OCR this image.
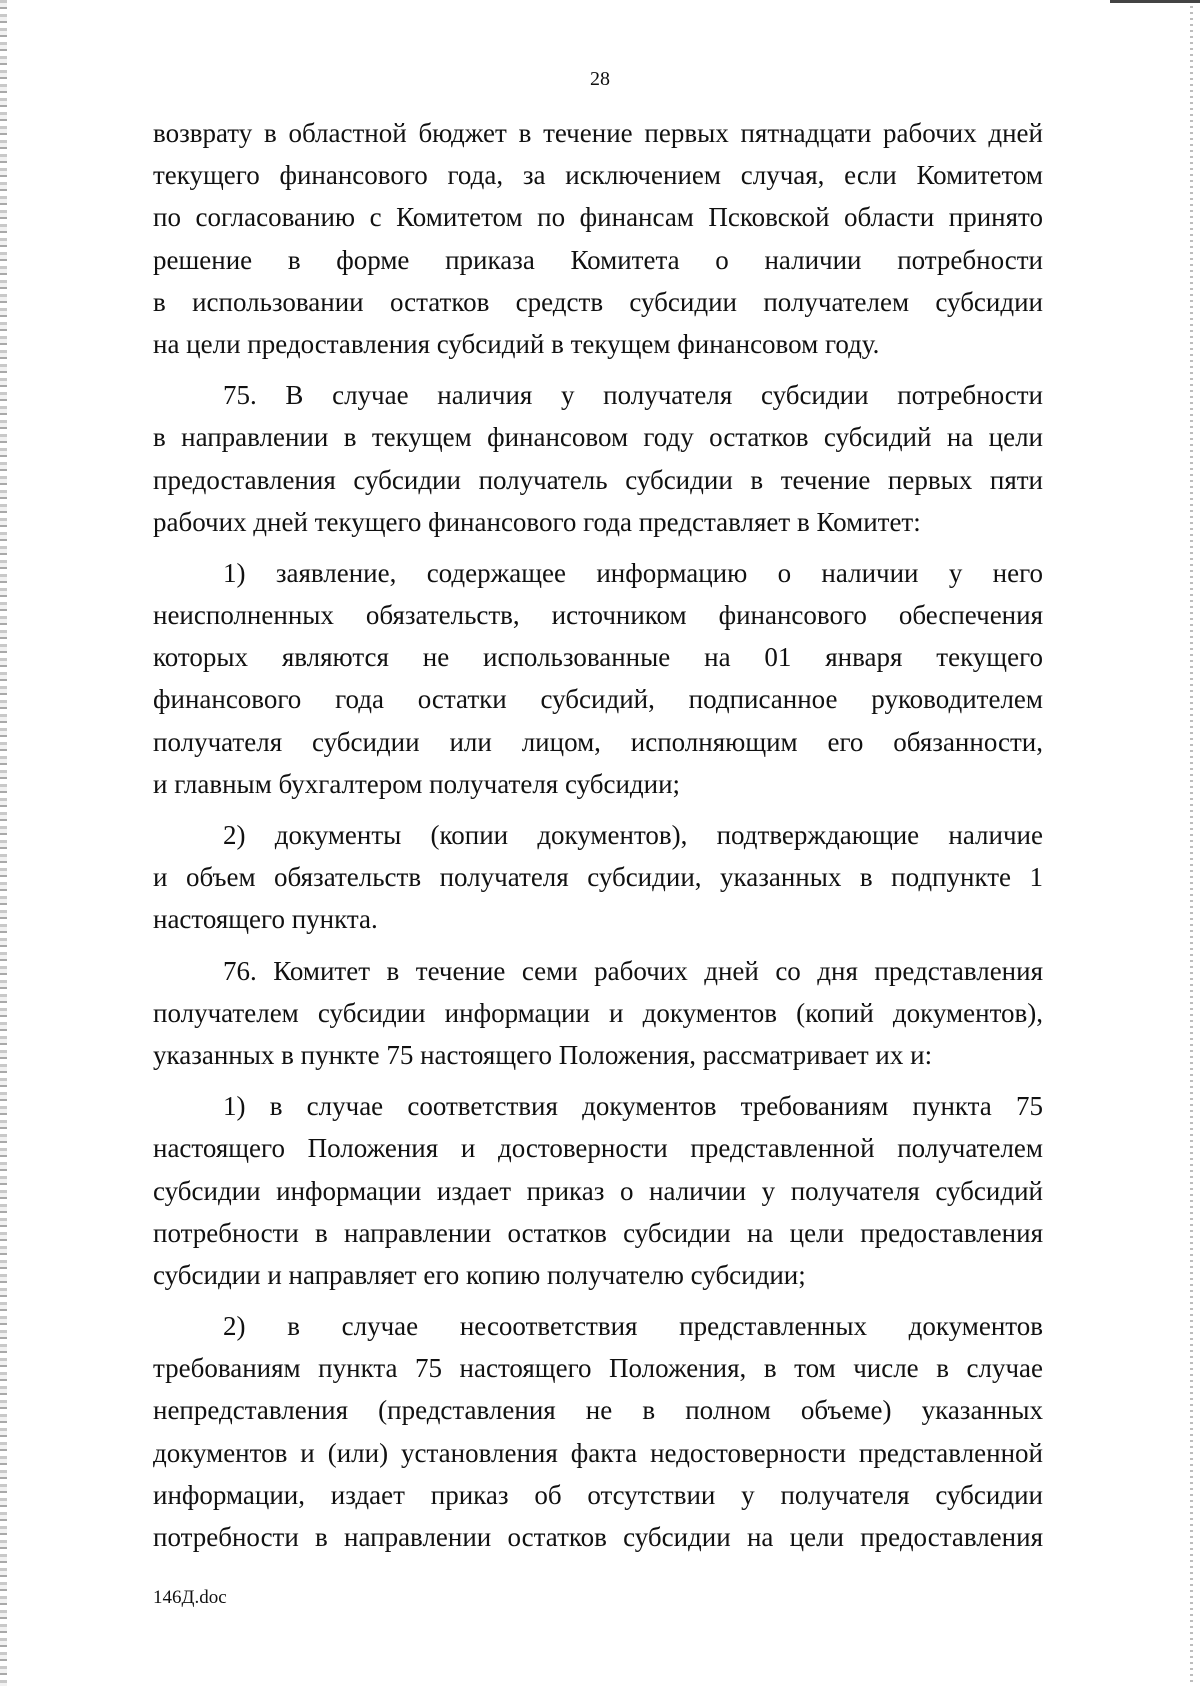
28
возврату в областной бюджет в течение первых пятнадцати рабочих дней
текущего финансового года, за исключением случая, если Комитетом
по согласованию с Комитетом по финансам Псковской области принято
решение в форме приказа Комитета о наличии потребности
в использовании остатков средств субсидии получателем субсидии
на цели предоставления субсидий в текущем финансовом году.
75. В случае наличия у получателя субсидии потребности
в направлении в текущем финансовом году остатков субсидий на цели
предоставления субсидии получатель субсидии в течение первых пяти
рабочих дней текущего финансового года представляет в Комитет:
1) заявление, содержащее информацию о наличии у него
неисполненных обязательств, источником финансового обеспечения
которых являются не использованные на 01 января текущего
финансового года остатки субсидий, подписанное руководителем
получателя субсидии или лицом, исполняющим его обязанности,
и главным бухгалтером получателя субсидии;
2) документы (копии документов), подтверждающие наличие
и объем обязательств получателя субсидии, указанных в подпункте 1
настоящего пункта.
76. Комитет в течение семи рабочих дней со дня представления
получателем субсидии информации и документов (копий документов),
указанных в пункте 75 настоящего Положения, рассматривает их и:
1) в случае соответствия документов требованиям пункта 75
настоящего Положения и достоверности представленной получателем
субсидии информации издает приказ о наличии у получателя субсидий
потребности в направлении остатков субсидии на цели предоставления
субсидии и направляет его копию получателю субсидии;
2) в случае несоответствия представленных документов
требованиям пункта 75 настоящего Положения, в том числе в случае
непредставления (представления не в полном объеме) указанных
документов и (или) установления факта недостоверности представленной
информации, издает приказ об отсутствии у получателя субсидии
потребности в направлении остатков субсидии на цели предоставления
146Д.doc
